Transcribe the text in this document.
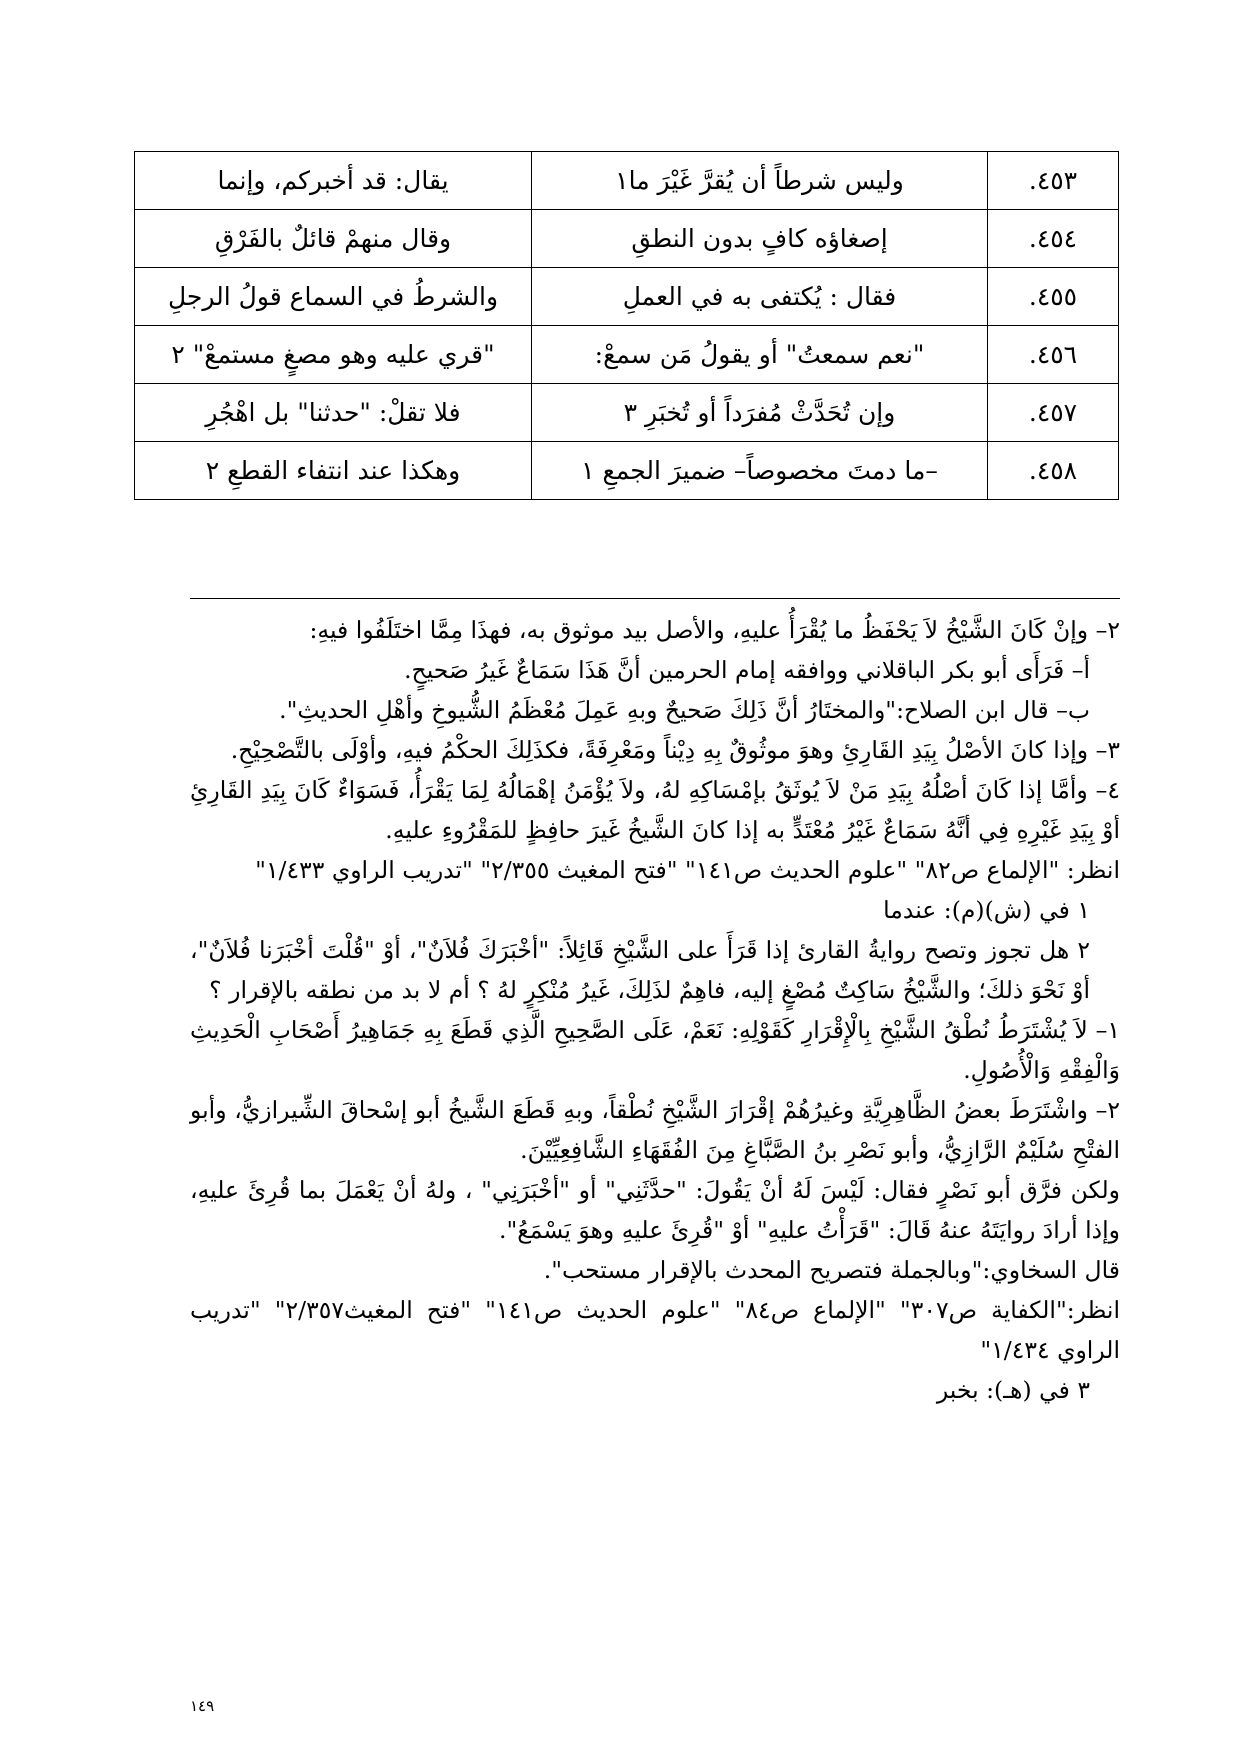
٤٥٣.	وليس شرطاً أن يُقرَّ غَيْرَ ما١	يقال: قد أخبركم، وإنما
٤٥٤.	إصغاؤه كافٍ بدون النطقِ	وقال منهمْ قائلٌ بالفَرْقِ
٤٥٥.	فقال : يُكتفى به في العملِ	والشرطُ في السماع قولُ الرجلِ
٤٥٦.	"نعم سمعتُ" أو يقولُ مَن سمعْ:	"قري عليه وهو مصغٍ مستمعْ" ٢
٤٥٧.	وإن تُحَدَّثْ مُفرَداً أو تُخبَرِ ٣	فلا تقلْ: "حدثنا" بل اهْجُرِ
٤٥٨.	–ما دمتَ مخصوصاً– ضميرَ الجمعِ ١	وهكذا عند انتفاء القطعِ ٢

٢– وإنْ كَانَ الشَّيْخُ لاَ يَحْفَظُ ما يُقْرَأُ عليهِ، والأصل بيد موثوق به، فهذَا مِمَّا اختَلَفُوا فيهِ:

أ– فَرَأَى أبو بكر الباقلاني ووافقه إمام الحرمين أنَّ هَذَا سَمَاعٌ غَيرُ صَحيحٍ.

ب– قال ابن الصلاح:"والمختَارُ أنَّ ذَلِكَ صَحيحٌ وبهِ عَمِلَ مُعْظَمُ الشُّيوخِ وأهْلِ الحديثِ".

٣– وإذا كانَ الأصْلُ بِيَدِ القَارِئِ وهوَ موثُوقٌ بِهِ دِيْناً ومَعْرِفَةً، فكذَلِكَ الحكْمُ فيهِ، وأوْلَى بالتَّصْحِيْحِ.

٤– وأمَّا إذا كَانَ أصْلُهُ بِيَدِ مَنْ لاَ يُوثَقُ بإمْسَاكِهِ لهُ، ولاَ يُؤْمَنُ إهْمَالُهُ لِمَا يَقْرَأُ، فَسَوَاءٌ كَانَ بِيَدِ القَارِئِ أوْ بِيَدِ غَيْرِهِ فِي أنَّهُ سَمَاعٌ غَيْرُ مُعْتَدٍّ به إذا كانَ الشَّيخُ غَيرَ حافِظٍ للمَقْرُوءِ عليهِ.

انظر: "الإلماع ص٨٢" "علوم الحديث ص١٤١" "فتح المغيث ٢/٣٥٥" "تدريب الراوي ١/٤٣٣"

١ في (ش)(م): عندما

٢ هل تجوز وتصح روايةُ القارئ إذا قَرَأَ على الشَّيْخِ قَائِلاً: "أخْبَرَكَ فُلاَنٌ"، أوْ "قُلْتَ أخْبَرَنا فُلاَنٌ"، أوْ نَحْوَ ذلكَ؛ والشَّيْخُ سَاكِتٌ مُصْغٍ إليه، فاهِمٌ لذَلِكَ، غَيرُ مُنْكِرٍ لهُ ؟ أم لا بد من نطقه بالإقرار ؟

١– لاَ يُشْتَرَطُ نُطْقُ الشَّيْخِ بِالْإِقْرَارِ كَقَوْلِهِ: نَعَمْ، عَلَى الصَّحِيحِ الَّذِي قَطَعَ بِهِ جَمَاهِيرُ أَصْحَابِ الْحَدِيثِ وَالْفِقْهِ وَالْأُصُولِ.

٢– واشْتَرَطَ بعضُ الظَّاهِرِيَّةِ وغيرُهُمْ إقْرَارَ الشَّيْخِ نُطْقاً، وبهِ قَطَعَ الشَّيخُ أبو إسْحاقَ الشِّيرازيُّ، وأبو الفتْحِ سُلَيْمٌ الرَّازِيُّ، وأبو نَصْرِ بنُ الصَّبَّاغِ مِنَ الفُقَهَاءِ الشَّافِعِيِّيْنَ.

ولكن فرَّق أبو نَصْرٍ فقال: لَيْسَ لَهُ أنْ يَقُولَ: "حدَّثَنِي" أو "أخْبَرَنِي" ، ولهُ أنْ يَعْمَلَ بما قُرِئَ عليهِ، وإذا أرادَ روايَتَهُ عنهُ قَالَ: "قَرَأْتُ عليهِ" أوْ "قُرِئَ عليهِ وهوَ يَسْمَعُ".

قال السخاوي:"وبالجملة فتصريح المحدث بالإقرار مستحب".

انظر:"الكفاية ص٣٠٧" "الإلماع ص٨٤" "علوم الحديث ص١٤١" "فتح المغيث٢/٣٥٧" "تدريب الراوي ١/٤٣٤"

٣ في (هـ): بخبر

١٤٩
